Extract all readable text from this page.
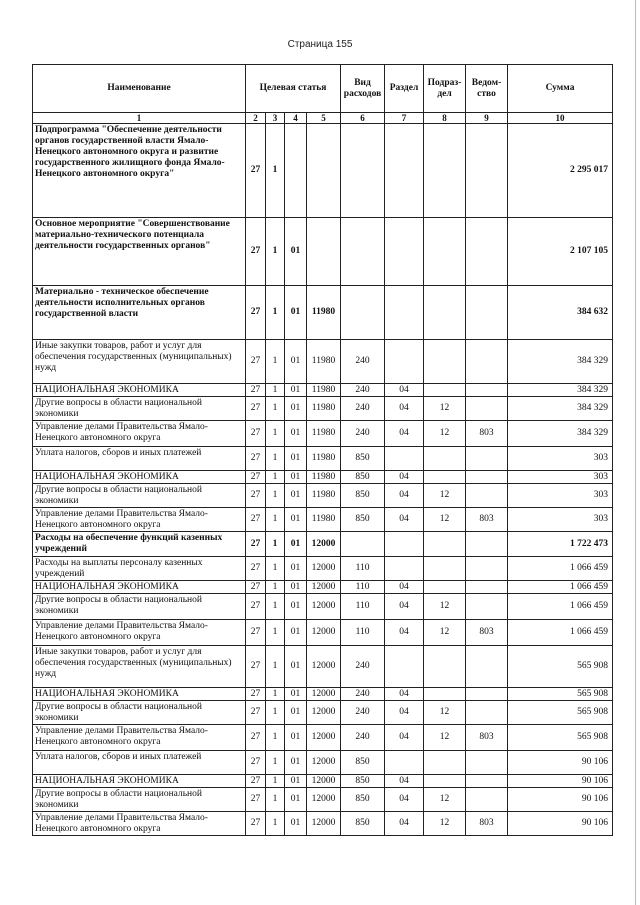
Страница 155
Наименование	Целевая статья				Вид расходов	Раздел	Подраз-дел	Ведом-ство	Сумма
1	2	3	4	5	6	7	8	9	10
Подпрограмма "Обеспечение деятельности органов государственной власти Ямало-Ненецкого автономного округа и развитие государственного жилищного фонда Ямало-Ненецкого автономного округа"	27	1							2 295 017
Основное мероприятие "Совершенствование материально-технического потенциала деятельности государственных органов"	27	1	01						2 107 105
Материально - техническое обеспечение деятельности исполнительных органов государственной власти	27	1	01	11980					384 632
Иные закупки товаров, работ и услуг для обеспечения государственных (муниципальных) нужд	27	1	01	11980	240				384 329
НАЦИОНАЛЬНАЯ ЭКОНОМИКА	27	1	01	11980	240	04			384 329
Другие вопросы в области национальной экономики	27	1	01	11980	240	04	12		384 329
Управление делами Правительства Ямало-Ненецкого автономного округа	27	1	01	11980	240	04	12	803	384 329
Уплата налогов, сборов и иных платежей	27	1	01	11980	850				303
НАЦИОНАЛЬНАЯ ЭКОНОМИКА	27	1	01	11980	850	04			303
Другие вопросы в области национальной экономики	27	1	01	11980	850	04	12		303
Управление делами Правительства Ямало-Ненецкого автономного округа	27	1	01	11980	850	04	12	803	303
Расходы на обеспечение функций казенных учреждений	27	1	01	12000					1 722 473
Расходы на выплаты персоналу казенных учреждений	27	1	01	12000	110				1 066 459
НАЦИОНАЛЬНАЯ ЭКОНОМИКА	27	1	01	12000	110	04			1 066 459
Другие вопросы в области национальной экономики	27	1	01	12000	110	04	12		1 066 459
Управление делами Правительства Ямало-Ненецкого автономного округа	27	1	01	12000	110	04	12	803	1 066 459
Иные закупки товаров, работ и услуг для обеспечения государственных (муниципальных) нужд	27	1	01	12000	240				565 908
НАЦИОНАЛЬНАЯ ЭКОНОМИКА	27	1	01	12000	240	04			565 908
Другие вопросы в области национальной экономики	27	1	01	12000	240	04	12		565 908
Управление делами Правительства Ямало-Ненецкого автономного округа	27	1	01	12000	240	04	12	803	565 908
Уплата налогов, сборов и иных платежей	27	1	01	12000	850				90 106
НАЦИОНАЛЬНАЯ ЭКОНОМИКА	27	1	01	12000	850	04			90 106
Другие вопросы в области национальной экономики	27	1	01	12000	850	04	12		90 106
Управление делами Правительства Ямало-Ненецкого автономного округа	27	1	01	12000	850	04	12	803	90 106
